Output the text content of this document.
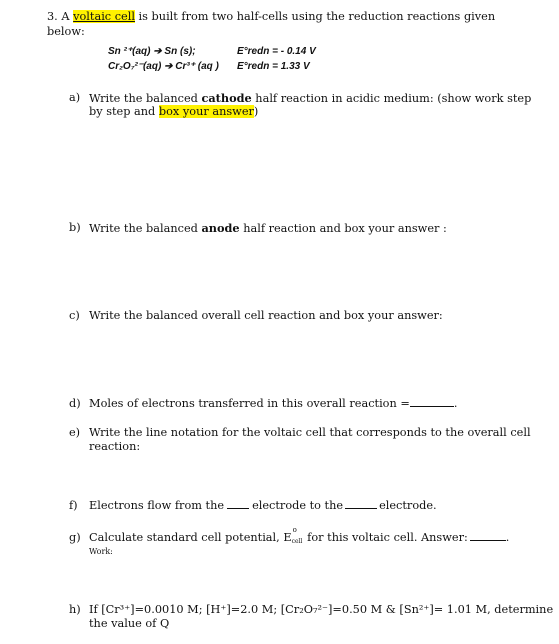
3. A voltaic cell is built from two half-cells using the reduction reactions given
below:
Sn ²⁺(aq) ➔ Sn (s);	E°redn = - 0.14 V
Cr₂O₇²⁻(aq) ➔ Cr³⁺ (aq ) E°redn = 1.33 V
a) Write the balanced cathode half reaction in acidic medium: (show work step
by step and box your answer)
b) Write the balanced anode half reaction and box your answer :
c) Write the balanced overall cell reaction and box your answer:
d) Moles of electrons transferred in this overall reaction =	.
e) Write the line notation for the voltaic cell that corresponds to the overall cell
reaction:
f) Electrons flow from the electrode to the	electrode.
g) Calculate standard cell potential, E
o
cell for this voltaic cell. Answer:	.
Work:
h) If [Cr³⁺]=0.0010 M; [H⁺]=2.0 M; [Cr₂O₇²⁻]=0.50 M & [Sn²⁺]= 1.01 M, determine
the value of Q
